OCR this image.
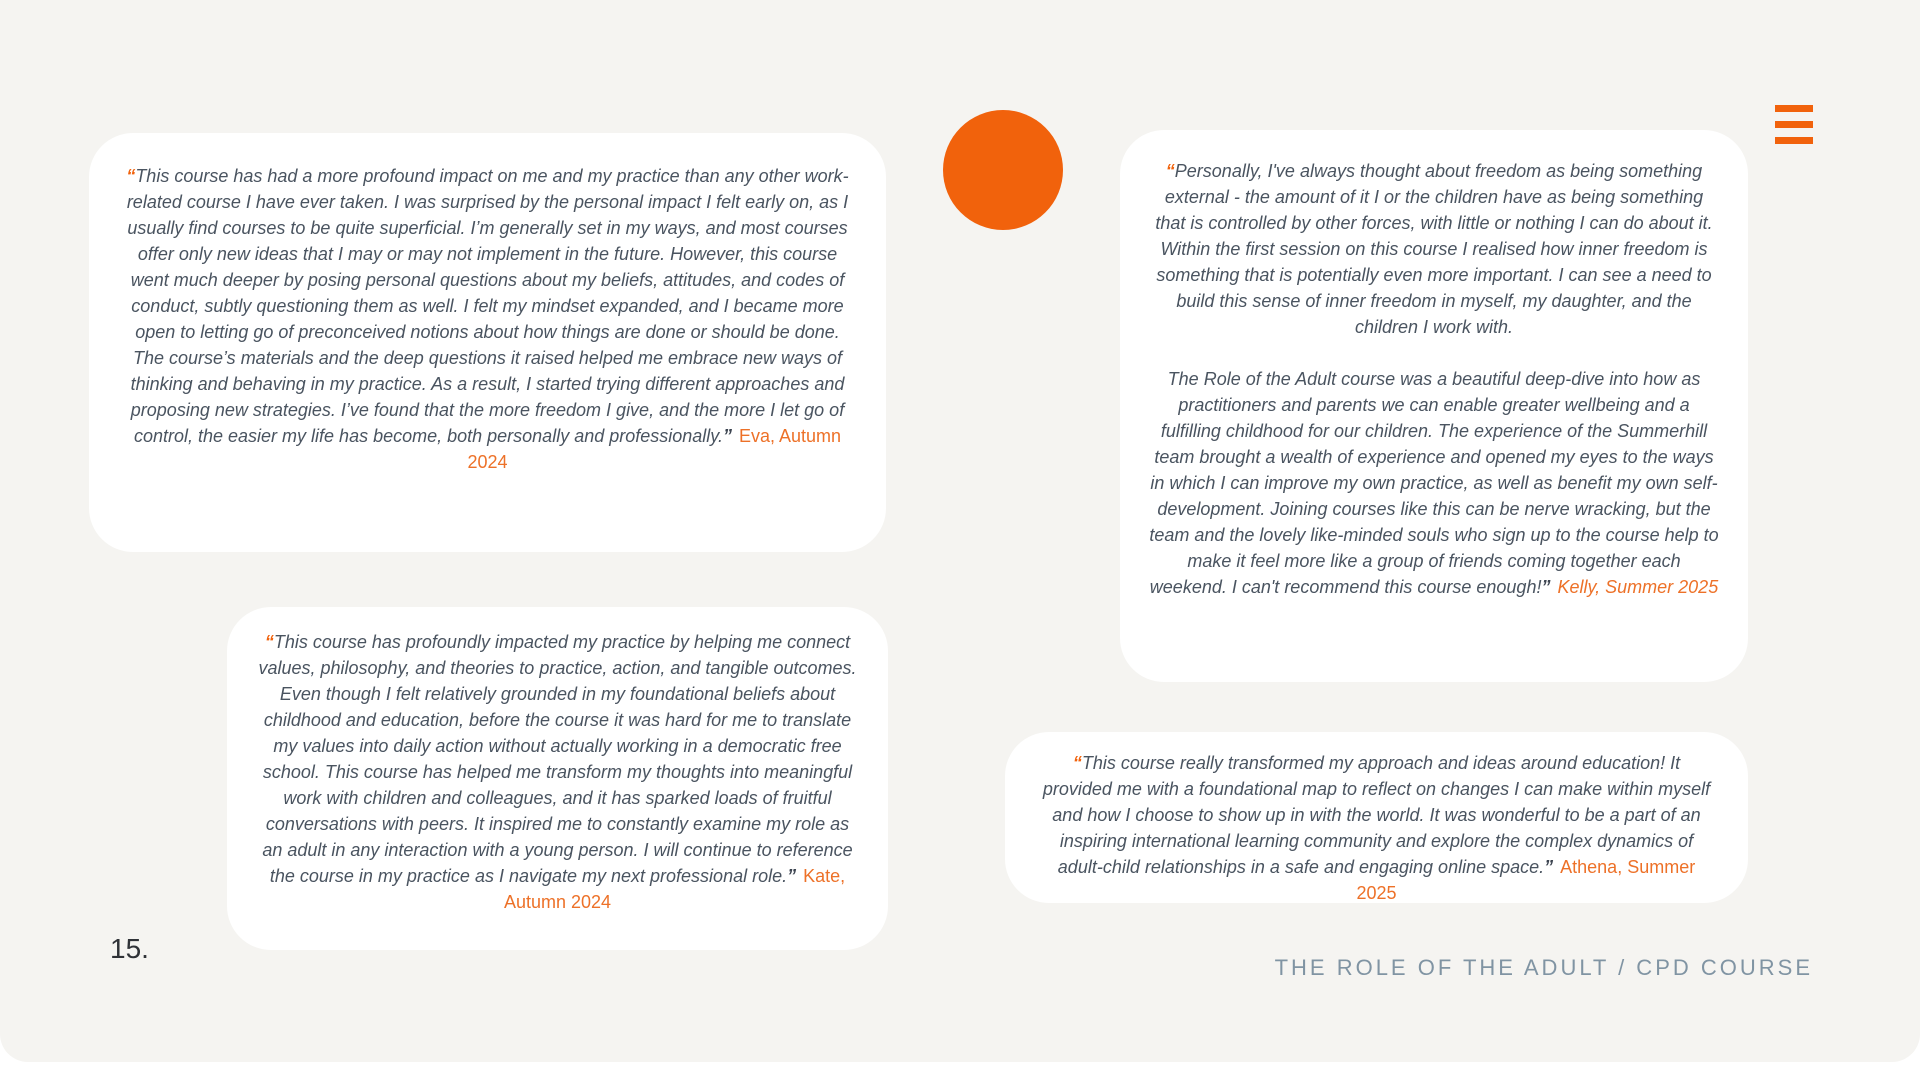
“This course has had a more profound impact on me and my practice than any other work-related course I have ever taken. I was surprised by the personal impact I felt early on, as I usually find courses to be quite superficial. I’m generally set in my ways, and most courses offer only new ideas that I may or may not implement in the future. However, this course went much deeper by posing personal questions about my beliefs, attitudes, and codes of conduct, subtly questioning them as well. I felt my mindset expanded, and I became more open to letting go of preconceived notions about how things are done or should be done. The course’s materials and the deep questions it raised helped me embrace new ways of thinking and behaving in my practice. As a result, I started trying different approaches and proposing new strategies. I’ve found that the more freedom I give, and the more I let go of control, the easier my life has become, both personally and professionally.” Eva, Autumn 2024

“This course has profoundly impacted my practice by helping me connect values, philosophy, and theories to practice, action, and tangible outcomes. Even though I felt relatively grounded in my foundational beliefs about childhood and education, before the course it was hard for me to translate my values into daily action without actually working in a democratic free school. This course has helped me transform my thoughts into meaningful work with children and colleagues, and it has sparked loads of fruitful conversations with peers. It inspired me to constantly examine my role as an adult in any interaction with a young person. I will continue to reference the course in my practice as I navigate my next professional role.” Kate, Autumn 2024

“Personally, I've always thought about freedom as being something external - the amount of it I or the children have as being something that is controlled by other forces, with little or nothing I can do about it. Within the first session on this course I realised how inner freedom is something that is potentially even more important. I can see a need to build this sense of inner freedom in myself, my daughter, and the children I work with.

The Role of the Adult course was a beautiful deep-dive into how as practitioners and parents we can enable greater wellbeing and a fulfilling childhood for our children. The experience of the Summerhill team brought a wealth of experience and opened my eyes to the ways in which I can improve my own practice, as well as benefit my own self-development. Joining courses like this can be nerve wracking, but the team and the lovely like-minded souls who sign up to the course help to make it feel more like a group of friends coming together each weekend. I can't recommend this course enough!” Kelly, Summer 2025

“This course really transformed my approach and ideas around education! It provided me with a foundational map to reflect on changes I can make within myself and how I choose to show up in with the world. It was wonderful to be a part of an inspiring international learning community and explore the complex dynamics of adult-child relationships in a safe and engaging online space.” Athena, Summer 2025

15.
THE ROLE OF THE ADULT / CPD COURSE
